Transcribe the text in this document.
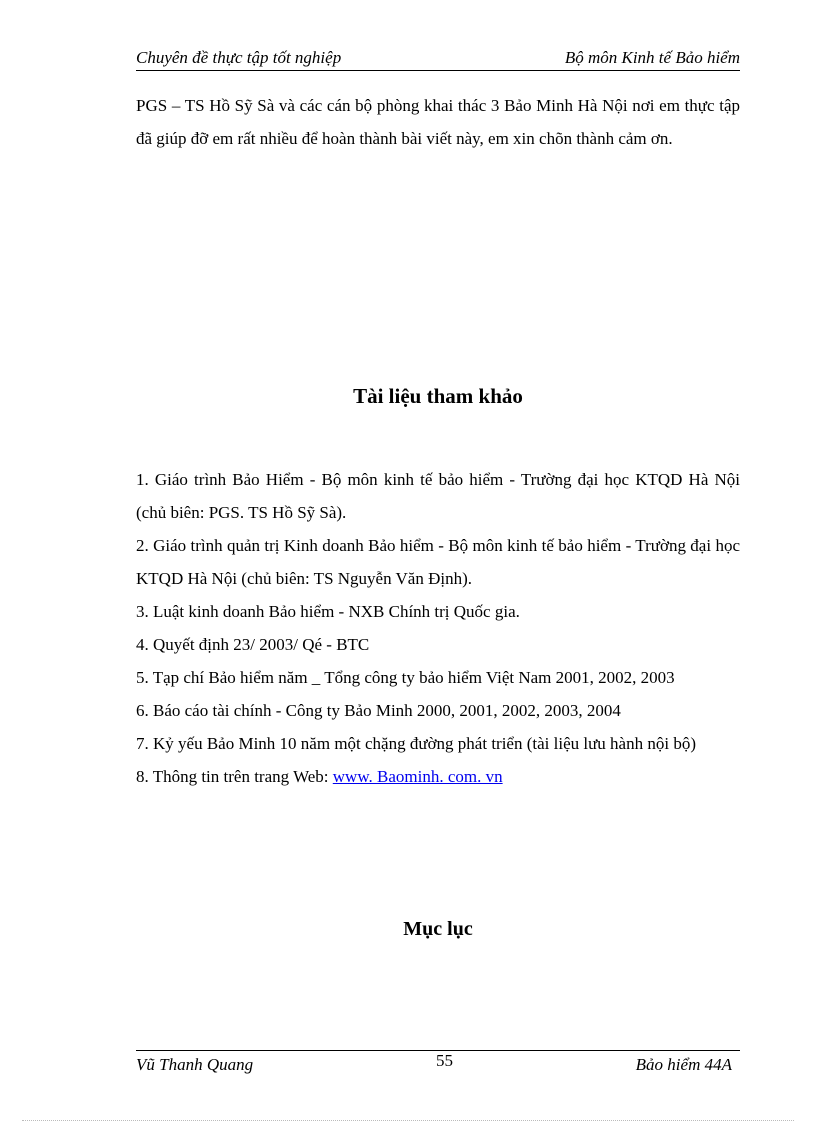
Chuyên đề thực tập tốt nghiệp	Bộ môn Kinh tế Bảo hiểm
PGS – TS Hồ Sỹ Sà và các cán bộ phòng khai thác 3 Bảo Minh Hà Nội nơi em thực tập đã giúp đỡ em rất nhiều để hoàn thành bài viết này, em xin chõn thành cảm ơn.
Tài liệu tham khảo

1. Giáo trình Bảo Hiểm - Bộ môn kinh tế bảo hiểm - Trường đại học KTQD Hà Nội (chủ biên: PGS. TS Hồ Sỹ Sà).

2. Giáo trình quản trị Kinh doanh Bảo hiểm - Bộ môn kinh tế bảo hiểm - Trường đại học KTQD Hà Nội (chủ biên: TS Nguyễn Văn Định).

3. Luật kinh doanh Bảo hiểm - NXB Chính trị Quốc gia.

4. Quyết định 23/ 2003/ Qé - BTC

5. Tạp chí Bảo hiểm năm _ Tổng công ty bảo hiểm Việt Nam 2001, 2002, 2003

6. Báo cáo tài chính - Công ty Bảo Minh 2000, 2001, 2002, 2003, 2004

7. Kỷ yếu Bảo Minh 10 năm một chặng đường phát triển (tài liệu lưu hành nội bộ)

8. Thông tin trên trang Web: www. Baominh. com. vn

Mục lục
Vũ Thanh Quang	55	Bảo hiểm 44A
